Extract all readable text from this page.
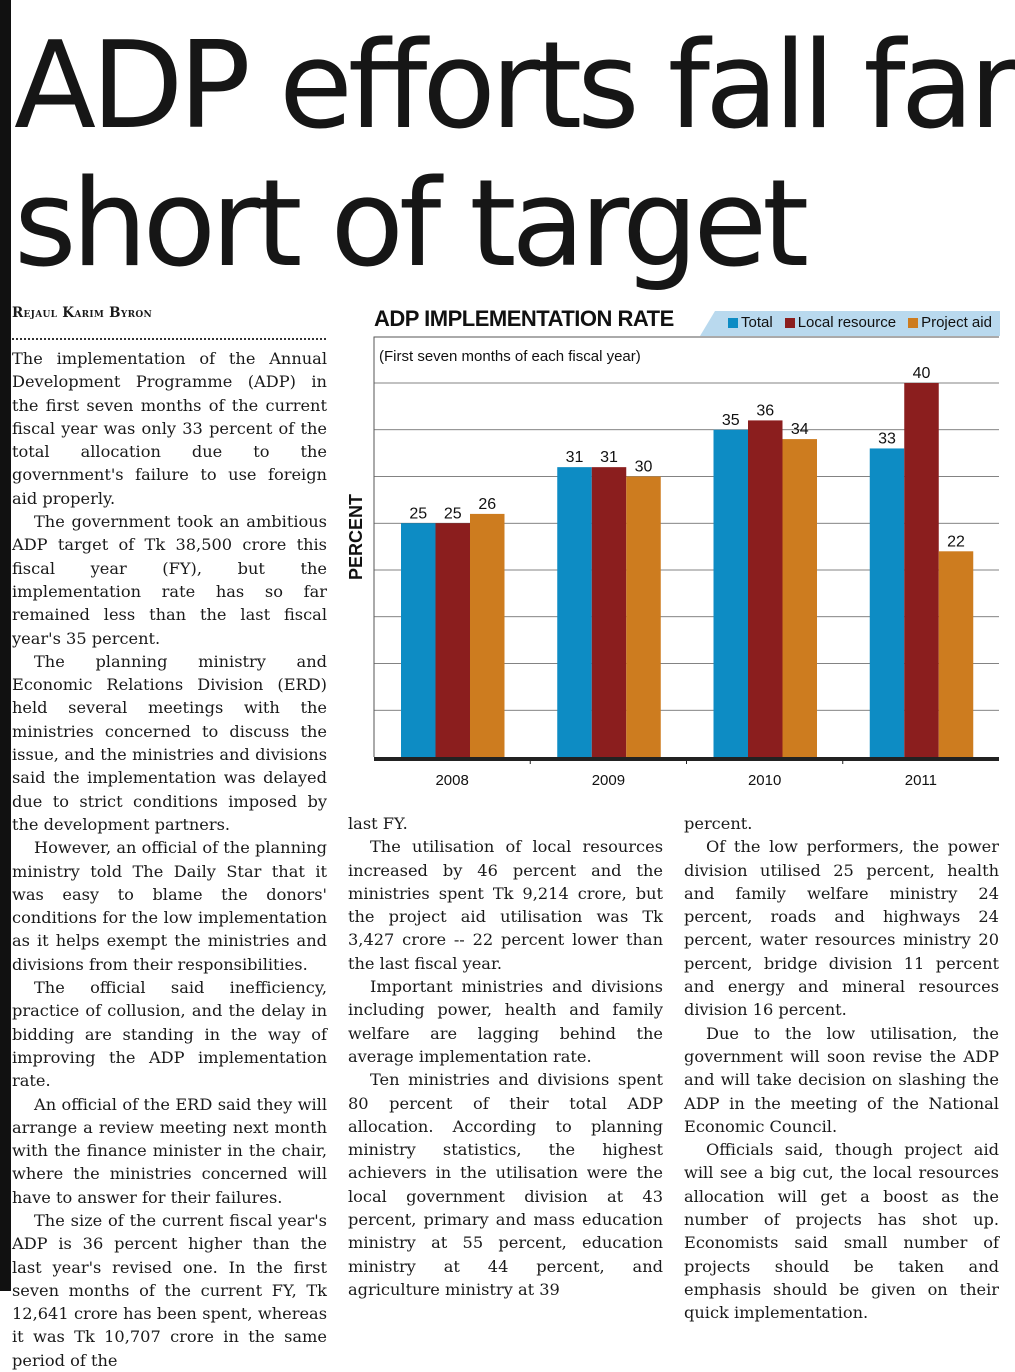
ADP efforts fall far
short of target
Rejaul Karim Byron

The implementation of the Annual Development Programme (ADP) in the first seven months of the current fiscal year was only 33 percent of the total allocation due to the government's failure to use foreign aid properly.

The government took an ambitious ADP target of Tk 38,500 crore this fiscal year (FY), but the implementation rate has so far remained less than the last fiscal year's 35 percent.

The planning ministry and Economic Relations Division (ERD) held several meetings with the ministries concerned to discuss the issue, and the ministries and divisions said the implementation was delayed due to strict conditions imposed by the development partners.

However, an official of the planning ministry told The Daily Star that it was easy to blame the donors' conditions for the low implementation as it helps exempt the ministries and divisions from their responsibilities.

The official said inefficiency, practice of collusion, and the delay in bidding are standing in the way of improving the ADP implementation rate.

An official of the ERD said they will arrange a review meeting next month with the finance minister in the chair, where the ministries concerned will have to answer for their failures.

The size of the current fiscal year's ADP is 36 percent higher than the last year's revised one. In the first seven months of the current FY, Tk 12,641 crore has been spent, whereas it was Tk 10,707 crore in the same period of the

last FY.

The utilisation of local resources increased by 46 percent and the ministries spent Tk 9,214 crore, but the project aid utilisation was Tk 3,427 crore -- 22 percent lower than the last fiscal year.

Important ministries and divisions including power, health and family welfare are lagging behind the average implementation rate.

Ten ministries and divisions spent 80 percent of their total ADP allocation. According to planning ministry statistics, the highest achievers in the utilisation were the local government division at 43 percent, primary and mass education ministry at 55 percent, education ministry at 44 percent, and agriculture ministry at 39

percent.

Of the low performers, the power division utilised 25 percent, health and family welfare ministry 24 percent, roads and highways 24 percent, water resources ministry 20 percent, bridge division 11 percent and energy and mineral resources division 16 percent.

Due to the low utilisation, the government will soon revise the ADP and will take decision on slashing the ADP in the meeting of the National Economic Council.

Officials said, though project aid will see a big cut, the local resources allocation will get a boost as the number of projects has shot up. Economists said small number of projects should be taken and emphasis should be given on their quick implementation.

ADP IMPLEMENTATION RATE	Total Local resource Project aid
(First seven months of each fiscal year)
PERCENT	25 25
26
2008
31 31
30
2009
35
36
34
2010
33
40
22
2011
